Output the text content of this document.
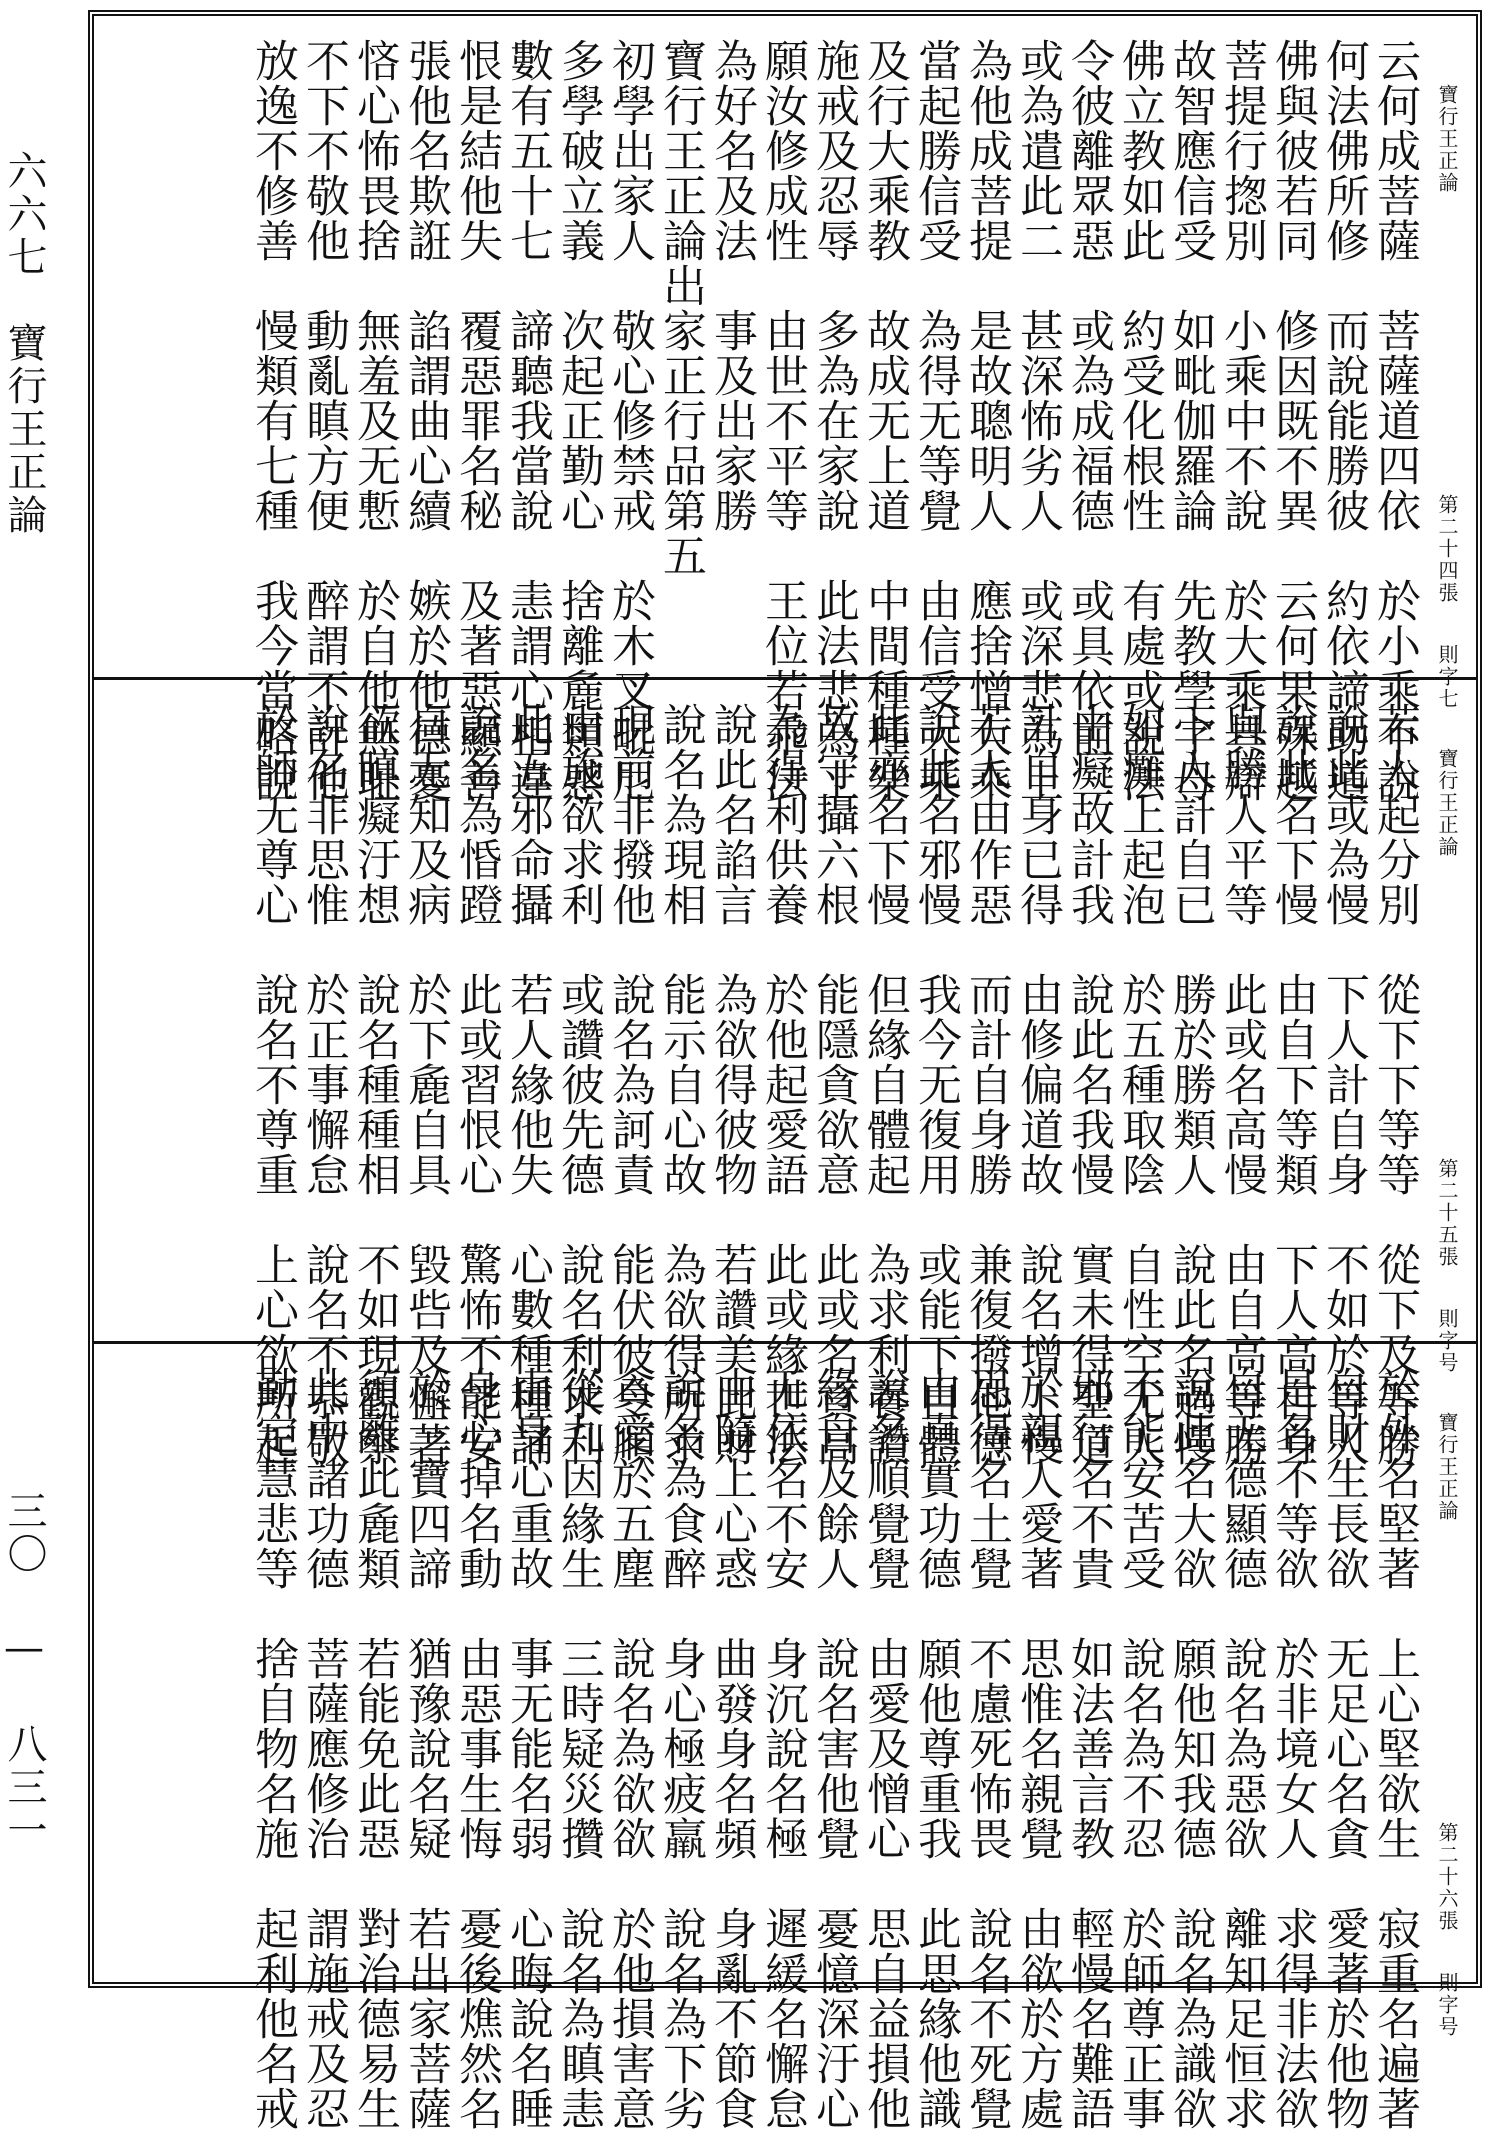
六六七　寶行王正論
三〇 — 八三一
寶行王正論
第二十四張
則字七
云何成菩薩　菩薩道四依　於小乘不說
何法佛所修　而說能勝彼　約依諦助道
佛與彼若同　修因既不異　云何果殊越
菩提行揔別　小乘中不說　於大乘具辯
故智應信受　如毗伽羅論　先教學字母
佛立教如此　約受化根性　有處或說法
令彼離眾惡　或為成福德　或具依前二
或為遣此二　甚深怖劣人　或深悲為上
為他成菩提　是故聰明人　應捨憎大乘
當起勝信受　為得无等覺　由信受大乘
及行大乘教　故成无上道　中間種種樂
施戒及忍辱　多為在家說　此法悲為上
願汝修成性　由世不平等　王位若乖法
為好名及法　事及出家勝
寶行王正論出家正行品第五
初學出家人　敬心修禁戒　於木叉毗尼
多學破立義　次起正勤心　捨離麁類惑
數有五十七　諦聽我當說　恚謂心相違
恨是結他失　覆惡罪名秘　及著惡顯善
張他名欺誑　諂謂曲心續　嫉於他德憂
悋心怖畏捨　無羞及无慙　於自他無耻
不下不敬他　動亂瞋方便　醉謂不計他
放逸不修善　慢類有七種　我今當略說	寶行王正論
第二十五張
則字号
若人起分別　從下下等等　從下及等勝
說此或為慢　下人計自身　不如於等人
說此名下慢　由自下等類　下人高自身
與勝人平等　此或名高慢　由自高等勝
下人計自已　勝於勝類人　說此名過慢
如癱上起泡　於五種取陰　自性空无人
由癡故計我　說此名我慢　實未得聖道
計自身已得　由修偏道故　說名增上慢
若人由作惡　而計自身勝　兼復撥他德
說此名邪慢　我今无復用　或能下自體
此亦名下慢　但緣自體起　為求利養讚
故守攝六根　能隱貪欲意　此或名貢高
為得利供養　於他起愛語　此或緣世法
說此名諂言　為欲得彼物　若讚美此財
說名為現相　能示自心故　為欲得所求
現前非撥他　說名為訶責　能伏彼令順
由施欲求利　或讚彼先德　說名利求利
此五邪命攝　若人緣他失　心數種種誦
說名為惛蹬　此或習恨心　驚怖不能安
自无知及病　於下麁自具　毀呰及懈著
欲瞋癡汙想　說名種種相　不如現觀察
說名非思惟　於正事懈怠　說名不恭敬
於師无尊心　說名不尊重　上心欲所起	寶行王正論
第二十六張
則字号
於外名堅著　上心堅欲生　寂重名遍著
自財生長欲　无足心名貪　愛著於他物
是名不等欲　於非境女人　求得非法欲
自无德顯德　說名為惡欲　離知足恒求
說此名大欲　願他知我德　說名為識欲
不能安苦受　說名為不忍　於師尊正事
邪行名不貴　如法善言教　輕慢名難語
於親人愛著　思惟名親覺　由欲於方處
思得名土覺　不慮死怖畏　說名不死覺
由真實功德　願他尊重我　此思緣他識
說名順覺覺　由愛及憎心　思自益損他
緣自及餘人　說名害他覺　憂憶深汙心
无依名不安　身沉說名極　遲緩名懈怠
由隨上心惑　曲發身名頻　身亂不節食
說名為食醉　身心極疲羸　說名為下劣
貪愛於五塵　說名為欲欲　於他損害意
從九因緣生　三時疑災攢　說名為瞋恚
由身心重故　事无能名弱　心晦說名睡
身心掉名動　由惡事生悔　憂後燋然名
於三寶四諦　猶豫說名疑　若出家菩薩
須離此麁類　若能免此惡　對治德易生
此中諸功德　菩薩應修治　謂施戒及忍
勤定慧悲等　捨自物名施　起利他名戒
